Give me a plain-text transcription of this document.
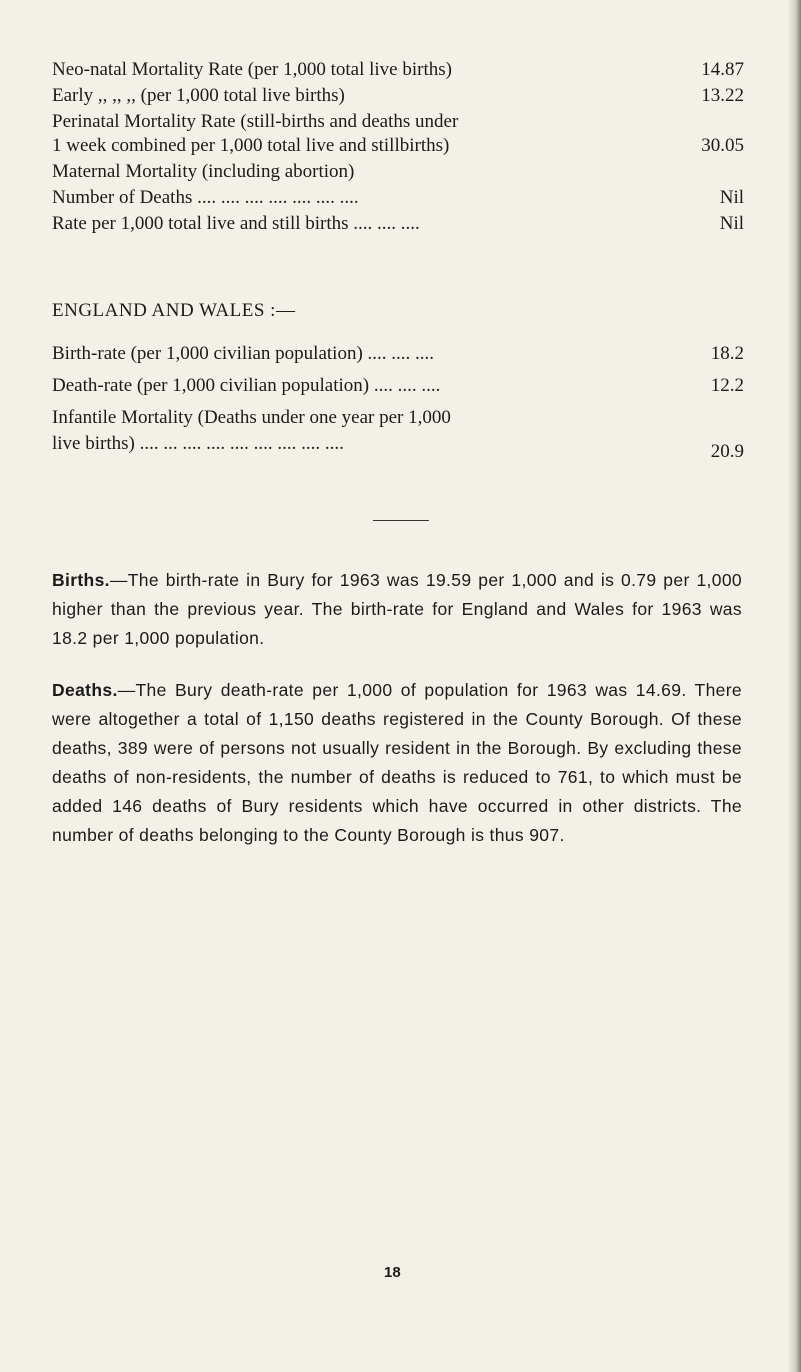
Neo-natal Mortality Rate (per 1,000 total live births)	14.87
Early ,, ,, ,, (per 1,000 total live births)	13.22
Perinatal Mortality Rate (still-births and deaths under
1 week combined per 1,000 total live and stillbirths)	30.05
Maternal Mortality (including abortion)
Number of Deaths .... .... .... .... .... .... ....	Nil
Rate per 1,000 total live and still births .... .... ....	Nil
ENGLAND AND WALES :—
Birth-rate (per 1,000 civilian population) .... .... ....	18.2
Death-rate (per 1,000 civilian population) .... .... ....	12.2
Infantile Mortality (Deaths under one year per 1,000
live births) .... ... .... .... .... .... .... .... ....	20.9
Births.—The birth-rate in Bury for 1963 was 19.59 per 1,000 and is 0.79 per 1,000 higher than the previous year. The birth-rate for England and Wales for 1963 was 18.2 per 1,000 population.
Deaths.—The Bury death-rate per 1,000 of population for 1963 was 14.69. There were altogether a total of 1,150 deaths registered in the County Borough. Of these deaths, 389 were of persons not usually resident in the Borough. By excluding these deaths of non-residents, the number of deaths is reduced to 761, to which must be added 146 deaths of Bury residents which have occurred in other districts. The number of deaths belonging to the County Borough is thus 907.
18
